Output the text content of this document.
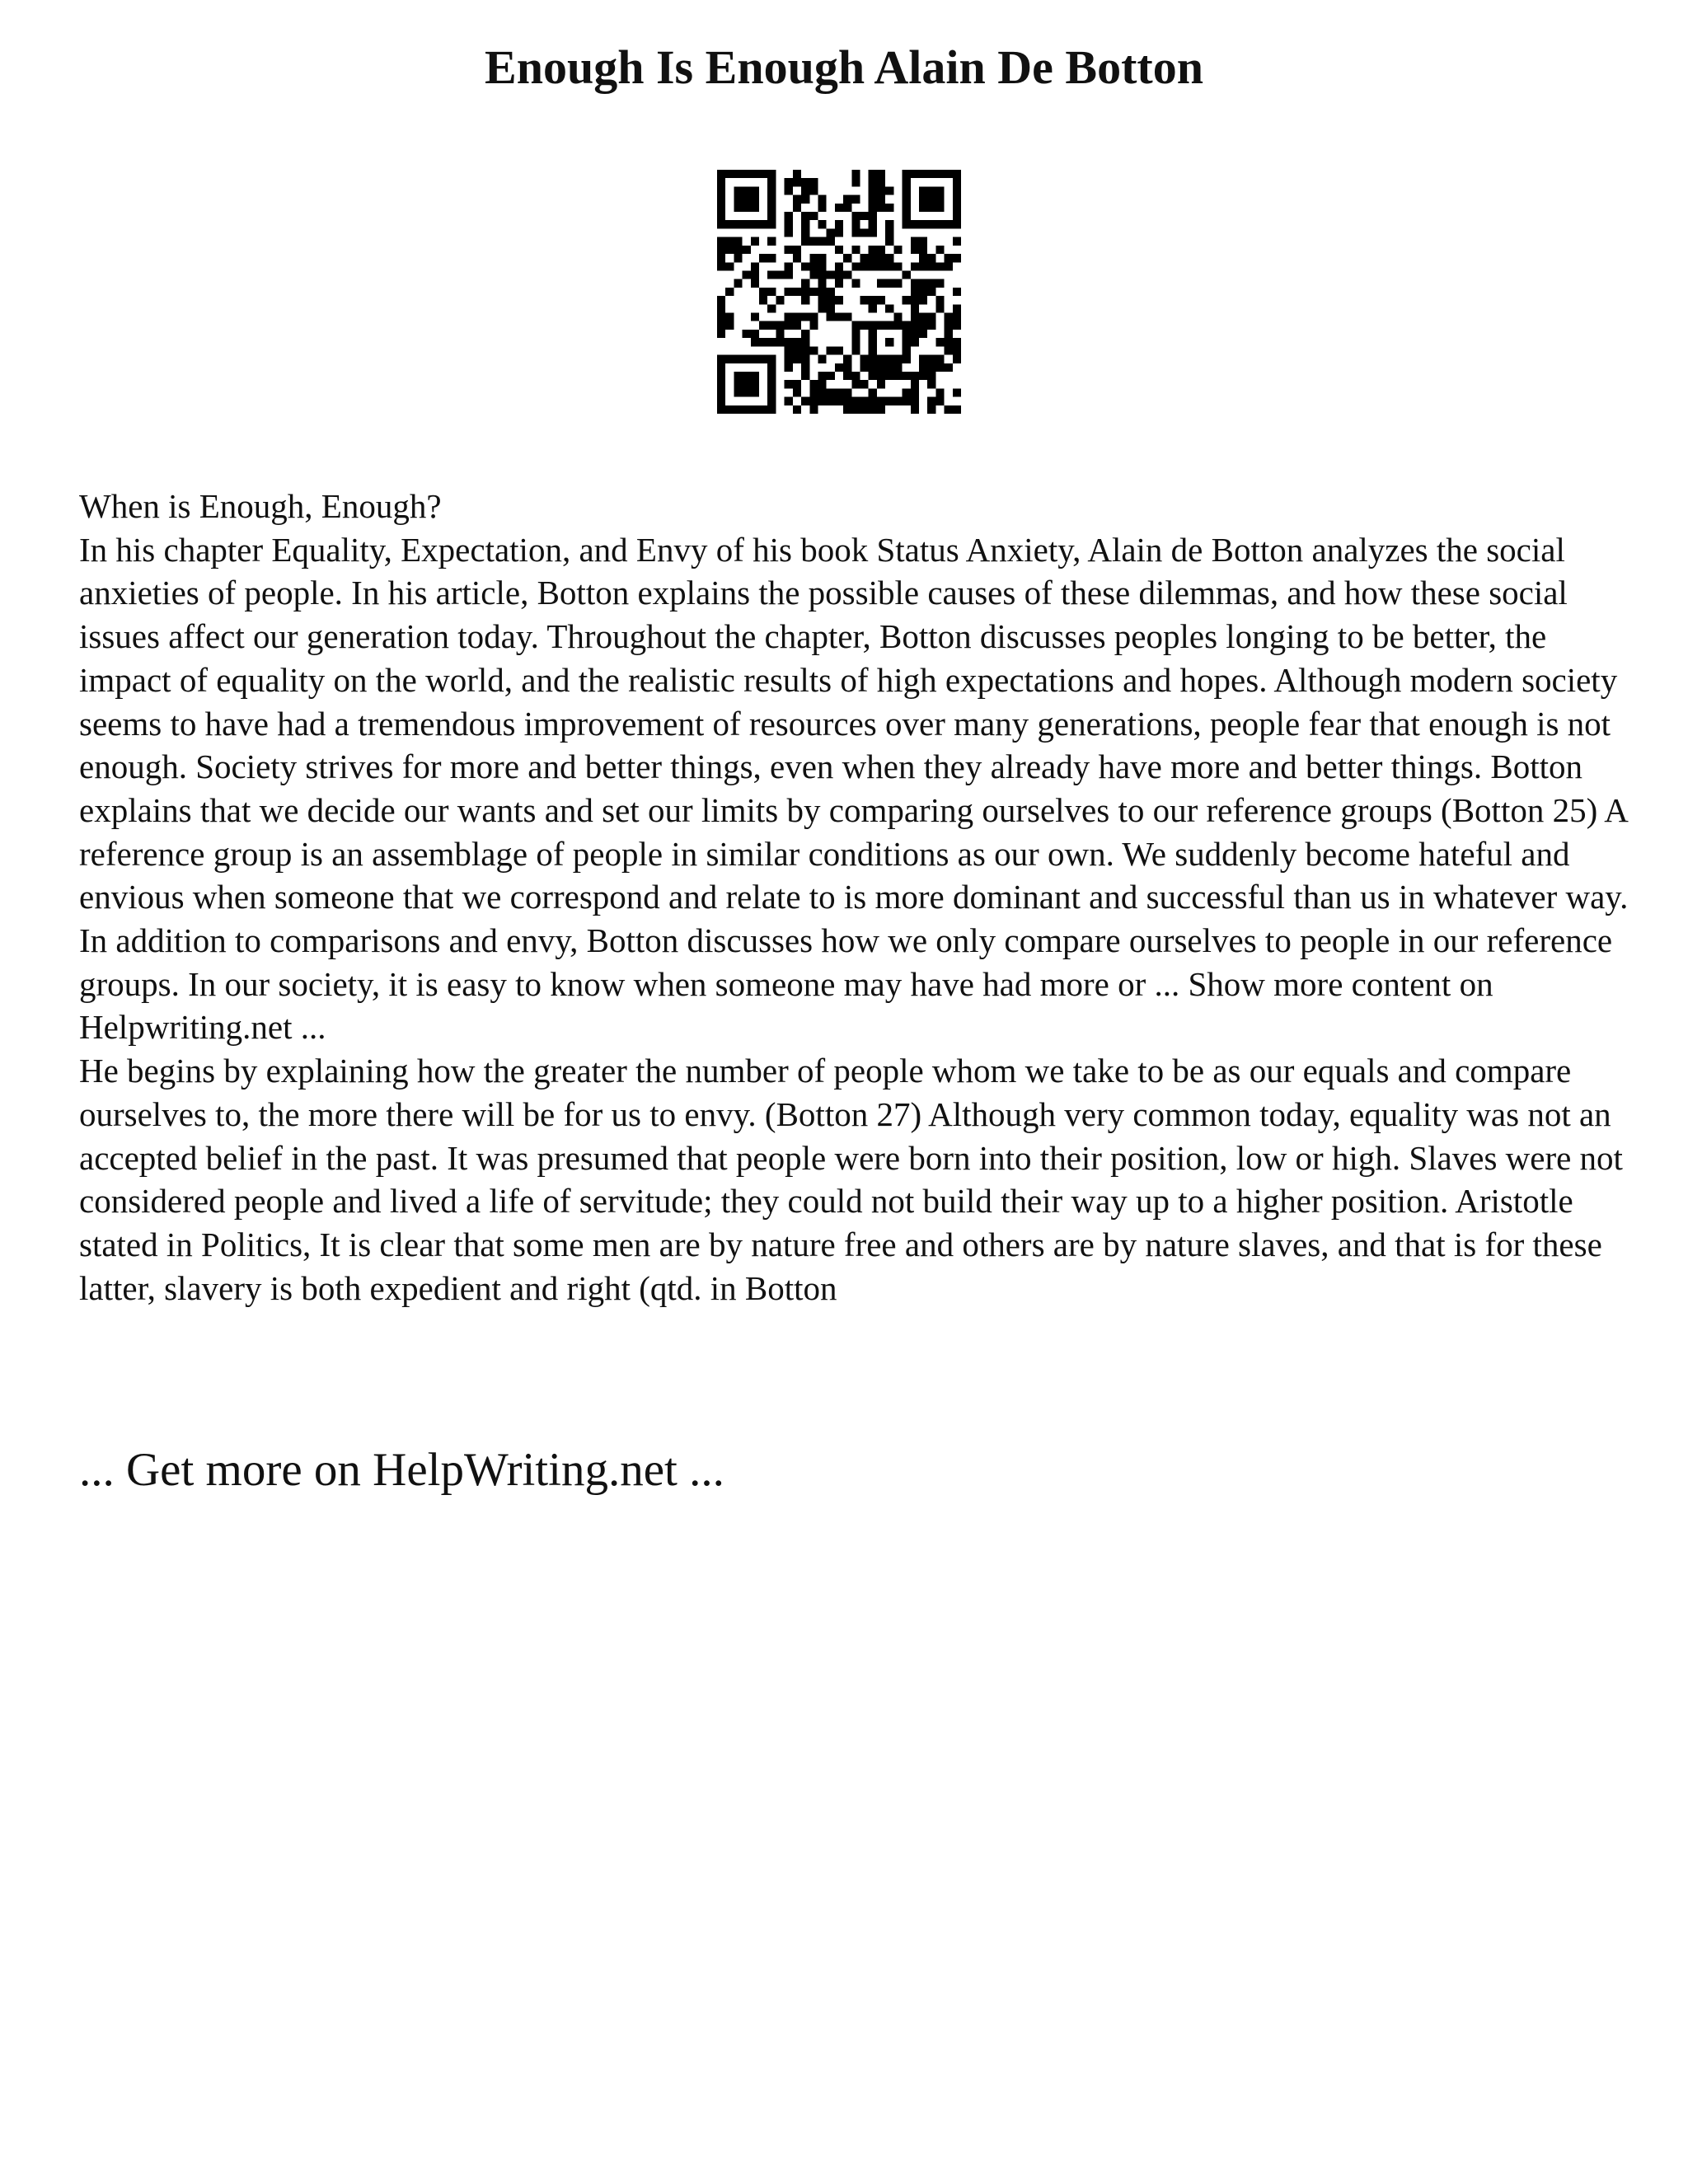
Enough Is Enough Alain De Botton

When is Enough, Enough?

In his chapter Equality, Expectation, and Envy of his book Status Anxiety, Alain de Botton analyzes the social anxieties of people. In his article, Botton explains the possible causes of these dilemmas, and how these social issues affect our generation today. Throughout the chapter, Botton discusses peoples longing to be better, the impact of equality on the world, and the realistic results of high expectations and hopes. Although modern society seems to have had a tremendous improvement of resources over many generations, people fear that enough is not enough. Society strives for more and better things, even when they already have more and better things. Botton explains that we decide our wants and set our limits by comparing ourselves to our reference groups (Botton 25) A reference group is an assemblage of people in similar conditions as our own. We suddenly become hateful and envious when someone that we correspond and relate to is more dominant and successful than us in whatever way. In addition to comparisons and envy, Botton discusses how we only compare ourselves to people in our reference groups. In our society, it is easy to know when someone may have had more or ... Show more content on Helpwriting.net ...

He begins by explaining how the greater the number of people whom we take to be as our equals and compare ourselves to, the more there will be for us to envy. (Botton 27) Although very common today, equality was not an accepted belief in the past. It was presumed that people were born into their position, low or high. Slaves were not considered people and lived a life of servitude; they could not build their way up to a higher position. Aristotle stated in Politics, It is clear that some men are by nature free and others are by nature slaves, and that is for these latter, slavery is both expedient and right (qtd. in Botton

... Get more on HelpWriting.net ...
